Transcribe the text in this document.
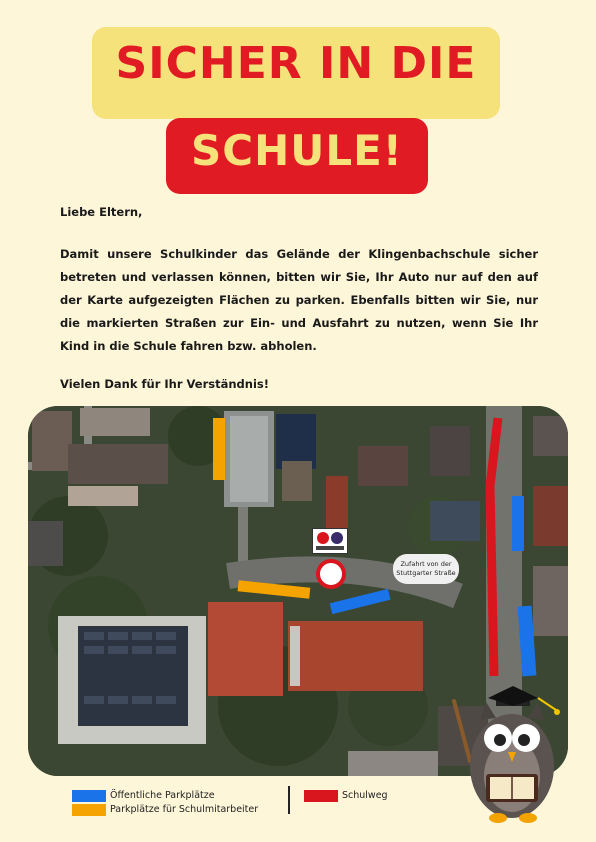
SICHER IN DIE
SCHULE!
Liebe Eltern,
Damit unsere Schulkinder das Gelände der Klingenbachschule sicher betreten und verlassen können, bitten wir Sie, Ihr Auto nur auf den auf der Karte aufgezeigten Flächen zu parken. Ebenfalls bitten wir Sie, nur die markierten Straßen zur Ein- und Ausfahrt zu nutzen, wenn Sie Ihr Kind in die Schule fahren bzw. abholen.
Vielen Dank für Ihr Verständnis!
Zufahrt von der Stuttgarter Straße
Öffentliche Parkplätze
Parkplätze für Schulmitarbeiter
Schulweg
